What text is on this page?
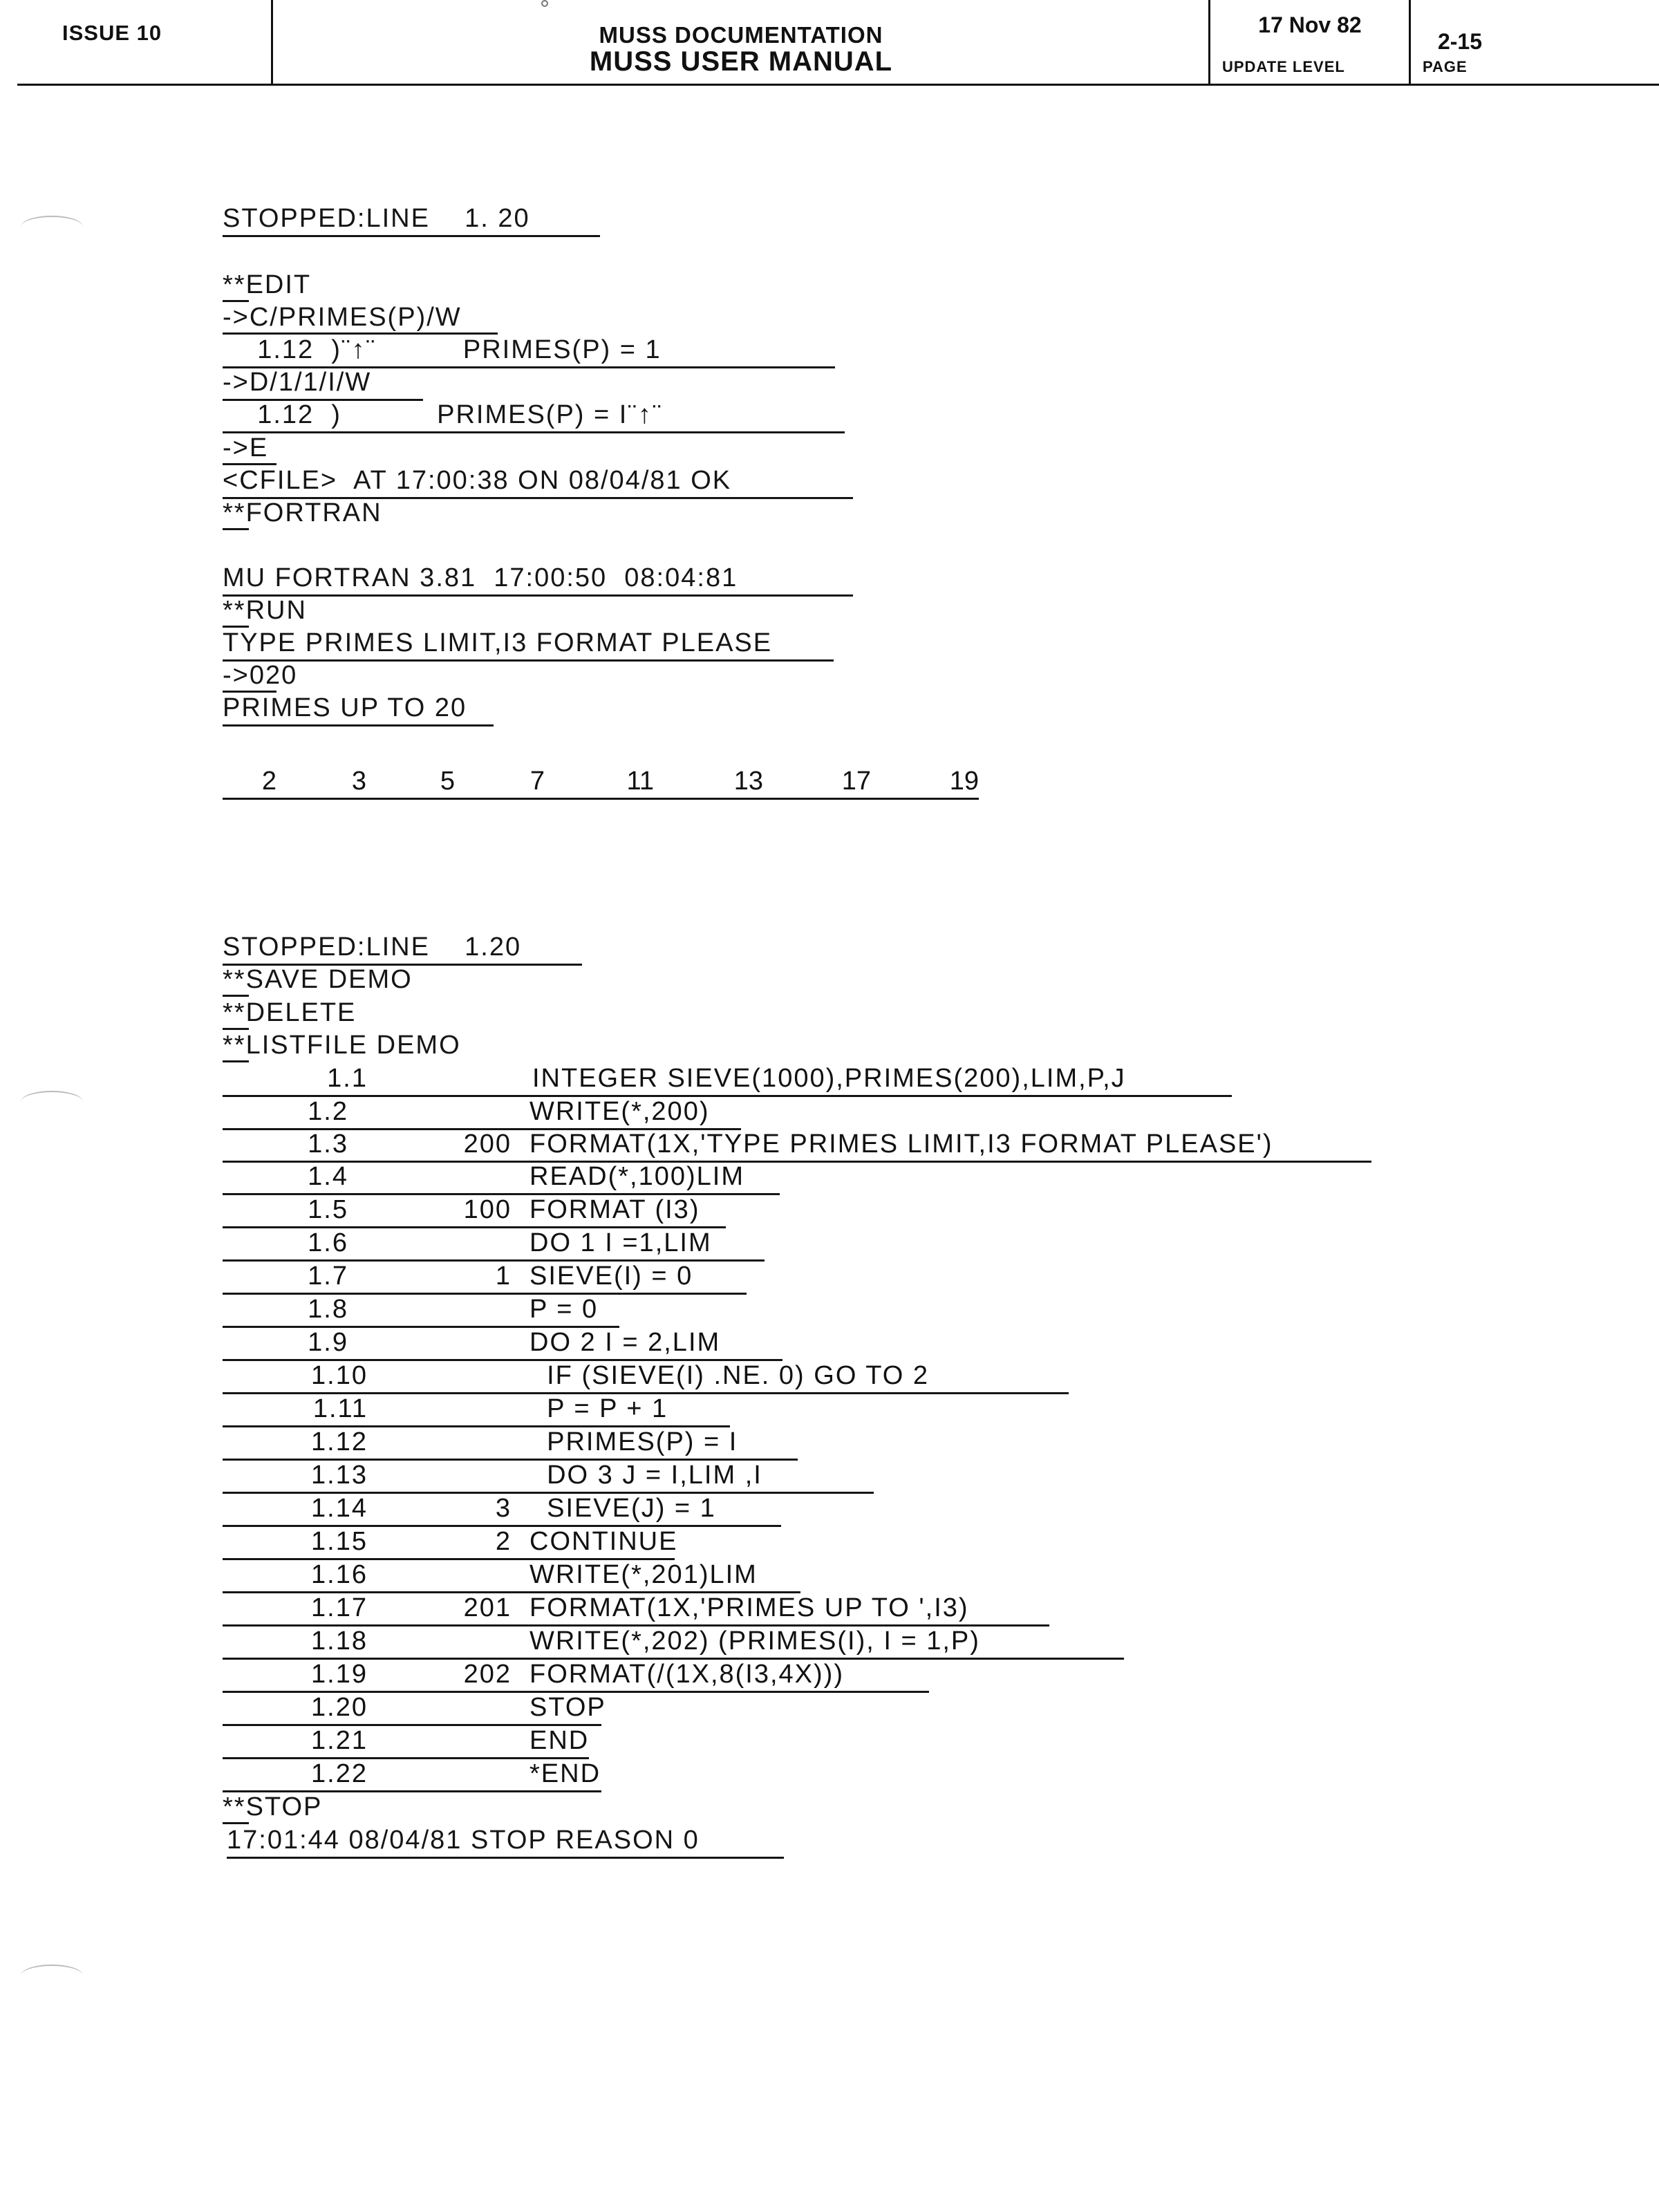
ISSUE 10	MUSS DOCUMENTATION
MUSS USER MANUAL
17 Nov 82
UPDATE LEVEL
2-15
PAGE
STOPPED:LINE    1. 20
**EDIT
->C/PRIMES(P)/W
1.12  )¨↑¨          PRIMES(P) = 1
->D/1/1/I/W
1.12  )           PRIMES(P) = I¨↑¨
->E
<CFILE>  AT 17:00:38 ON 08/04/81 OK
**FORTRAN
MU FORTRAN 3.81  17:00:50  08:04:81
**RUN
TYPE PRIMES LIMIT,I3 FORMAT PLEASE
->020
PRIMES UP TO 20
2	3	5	7	11	13	17	19
STOPPED:LINE    1.20
**SAVE DEMO
**DELETE
**LISTFILE DEMO
1.1	INTEGER SIEVE(1000),PRIMES(200),LIM,P,J
1.2	WRITE(*,200)
1.3	200 FORMAT(1X,'TYPE PRIMES LIMIT,I3 FORMAT PLEASE')
1.4	READ(*,100)LIM
1.5	100 FORMAT (I3)
1.6	DO 1 I =1,LIM
1.7	1 SIEVE(I) = 0
1.8	P = 0
1.9	DO 2 I = 2,LIM
1.10	IF (SIEVE(I) .NE. 0) GO TO 2
1.11	P = P + 1
1.12	PRIMES(P) = I
1.13	DO 3 J = I,LIM ,I
1.14	3 SIEVE(J) = 1
1.15	2 CONTINUE
1.16	WRITE(*,201)LIM
1.17	201 FORMAT(1X,'PRIMES UP TO ',I3)
1.18	WRITE(*,202) (PRIMES(I), I = 1,P)
1.19	202 FORMAT(/(1X,8(I3,4X)))
1.20	STOP
1.21	END
1.22	*END
**STOP
17:01:44 08/04/81 STOP REASON 0
